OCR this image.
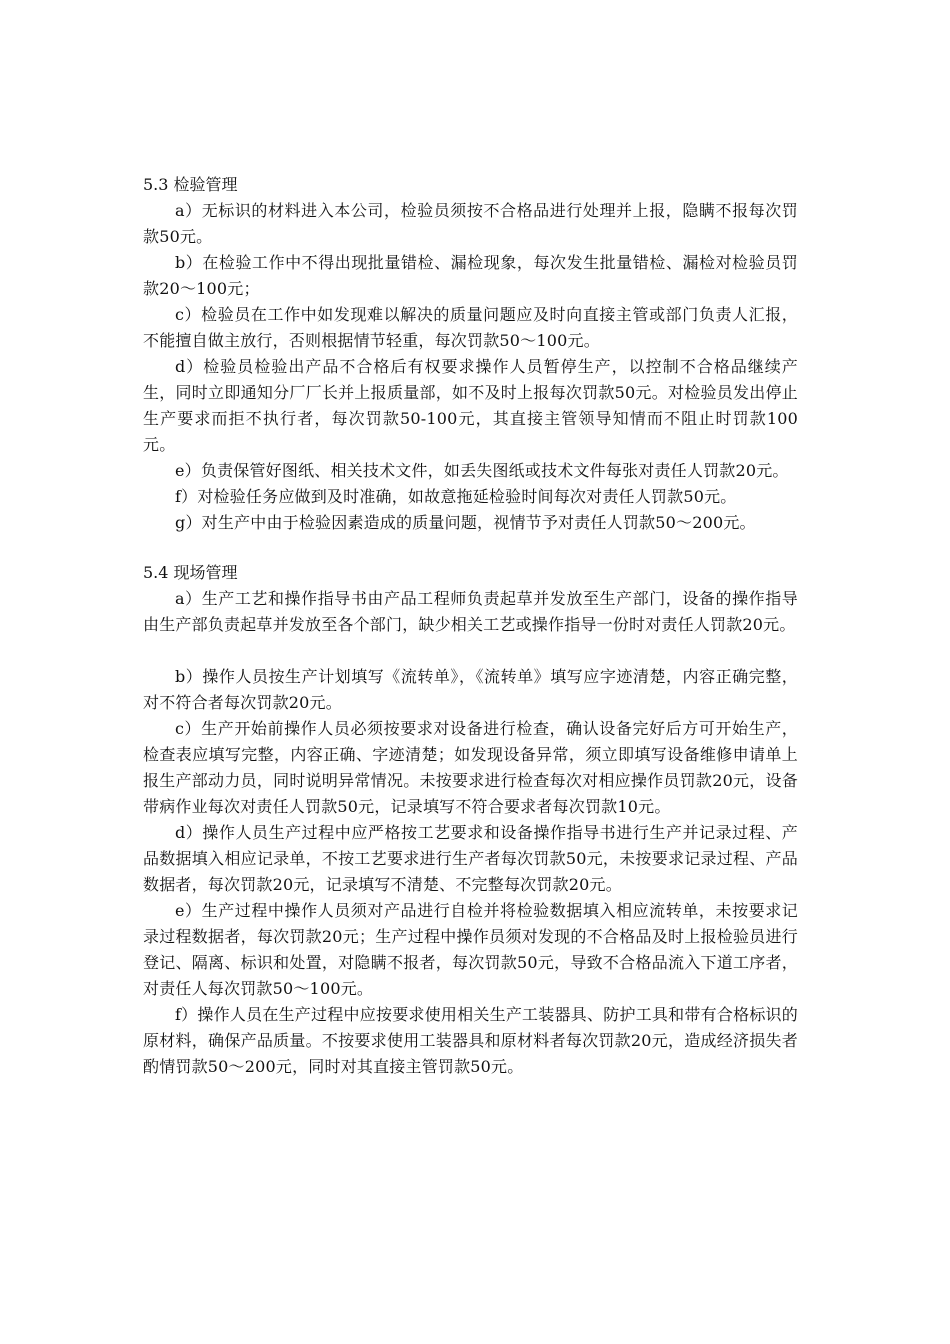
5.3 检验管理

a）无标识的材料进入本公司，检验员须按不合格品进行处理并上报，隐瞒不报每次罚款50元。

b）在检验工作中不得出现批量错检、漏检现象，每次发生批量错检、漏检对检验员罚款20～100元；

c）检验员在工作中如发现难以解决的质量问题应及时向直接主管或部门负责人汇报，不能擅自做主放行，否则根据情节轻重，每次罚款50～100元。

d）检验员检验出产品不合格后有权要求操作人员暂停生产，以控制不合格品继续产生，同时立即通知分厂厂长并上报质量部，如不及时上报每次罚款50元。对检验员发出停止生产要求而拒不执行者，每次罚款50-100元，其直接主管领导知情而不阻止时罚款100元。

e）负责保管好图纸、相关技术文件，如丢失图纸或技术文件每张对责任人罚款20元。

f）对检验任务应做到及时准确，如故意拖延检验时间每次对责任人罚款50元。

g）对生产中由于检验因素造成的质量问题，视情节予对责任人罚款50～200元。

5.4 现场管理

a）生产工艺和操作指导书由产品工程师负责起草并发放至生产部门，设备的操作指导由生产部负责起草并发放至各个部门，缺少相关工艺或操作指导一份时对责任人罚款20元。

b）操作人员按生产计划填写《流转单》，《流转单》填写应字迹清楚，内容正确完整，对不符合者每次罚款20元。

c）生产开始前操作人员必须按要求对设备进行检查，确认设备完好后方可开始生产，检查表应填写完整，内容正确、字迹清楚；如发现设备异常，须立即填写设备维修申请单上报生产部动力员，同时说明异常情况。未按要求进行检查每次对相应操作员罚款20元，设备带病作业每次对责任人罚款50元，记录填写不符合要求者每次罚款10元。

d）操作人员生产过程中应严格按工艺要求和设备操作指导书进行生产并记录过程、产品数据填入相应记录单，不按工艺要求进行生产者每次罚款50元，未按要求记录过程、产品数据者，每次罚款20元，记录填写不清楚、不完整每次罚款20元。

e）生产过程中操作人员须对产品进行自检并将检验数据填入相应流转单，未按要求记录过程数据者，每次罚款20元；生产过程中操作员须对发现的不合格品及时上报检验员进行登记、隔离、标识和处置，对隐瞒不报者，每次罚款50元，导致不合格品流入下道工序者，对责任人每次罚款50～100元。

f）操作人员在生产过程中应按要求使用相关生产工装器具、防护工具和带有合格标识的原材料，确保产品质量。不按要求使用工装器具和原材料者每次罚款20元，造成经济损失者酌情罚款50～200元，同时对其直接主管罚款50元。
